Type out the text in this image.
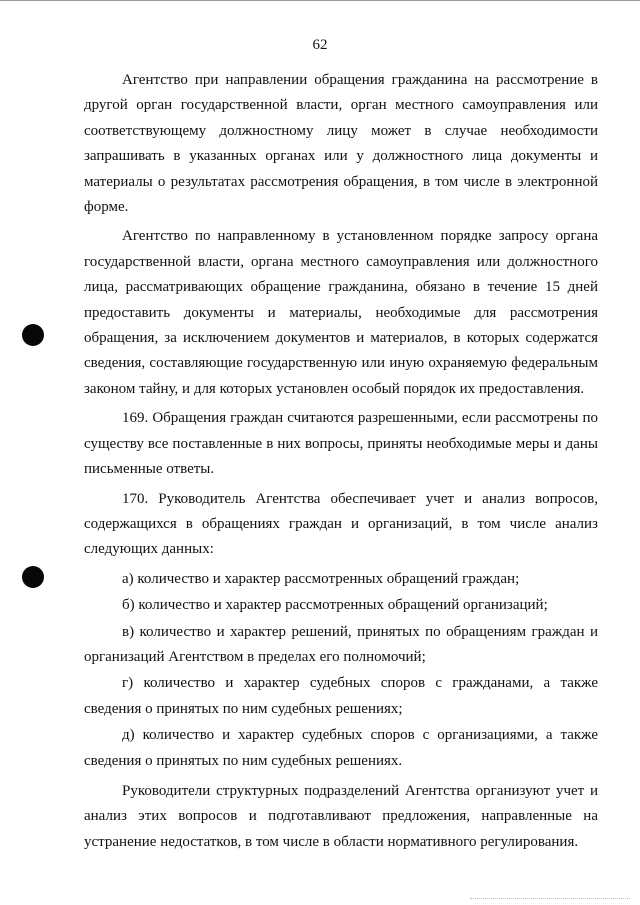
62

Агентство при направлении обращения гражданина на рассмотрение в другой орган государственной власти, орган местного самоуправления или соответствующему должностному лицу может в случае необходимости запрашивать в указанных органах или у должностного лица документы и материалы о результатах рассмотрения обращения, в том числе в электронной форме.

Агентство по направленному в установленном порядке запросу органа государственной власти, органа местного самоуправления или должностного лица, рассматривающих обращение гражданина, обязано в течение 15 дней предоставить документы и материалы, необходимые для рассмотрения обращения, за исключением документов и материалов, в которых содержатся сведения, составляющие государственную или иную охраняемую федеральным законом тайну, и для которых установлен особый порядок их предоставления.

169. Обращения граждан считаются разрешенными, если рассмотрены по существу все поставленные в них вопросы, приняты необходимые меры и даны письменные ответы.

170. Руководитель Агентства обеспечивает учет и анализ вопросов, содержащихся в обращениях граждан и организаций, в том числе анализ следующих данных:

а) количество и характер рассмотренных обращений граждан;

б) количество и характер рассмотренных обращений организаций;

в) количество и характер решений, принятых по обращениям граждан и организаций Агентством в пределах его полномочий;

г) количество и характер судебных споров с гражданами, а также сведения о принятых по ним судебных решениях;

д) количество и характер судебных споров с организациями, а также сведения о принятых по ним судебных решениях.

Руководители структурных подразделений Агентства организуют учет и анализ этих вопросов и подготавливают предложения, направленные на устранение недостатков, в том числе в области нормативного регулирования.
